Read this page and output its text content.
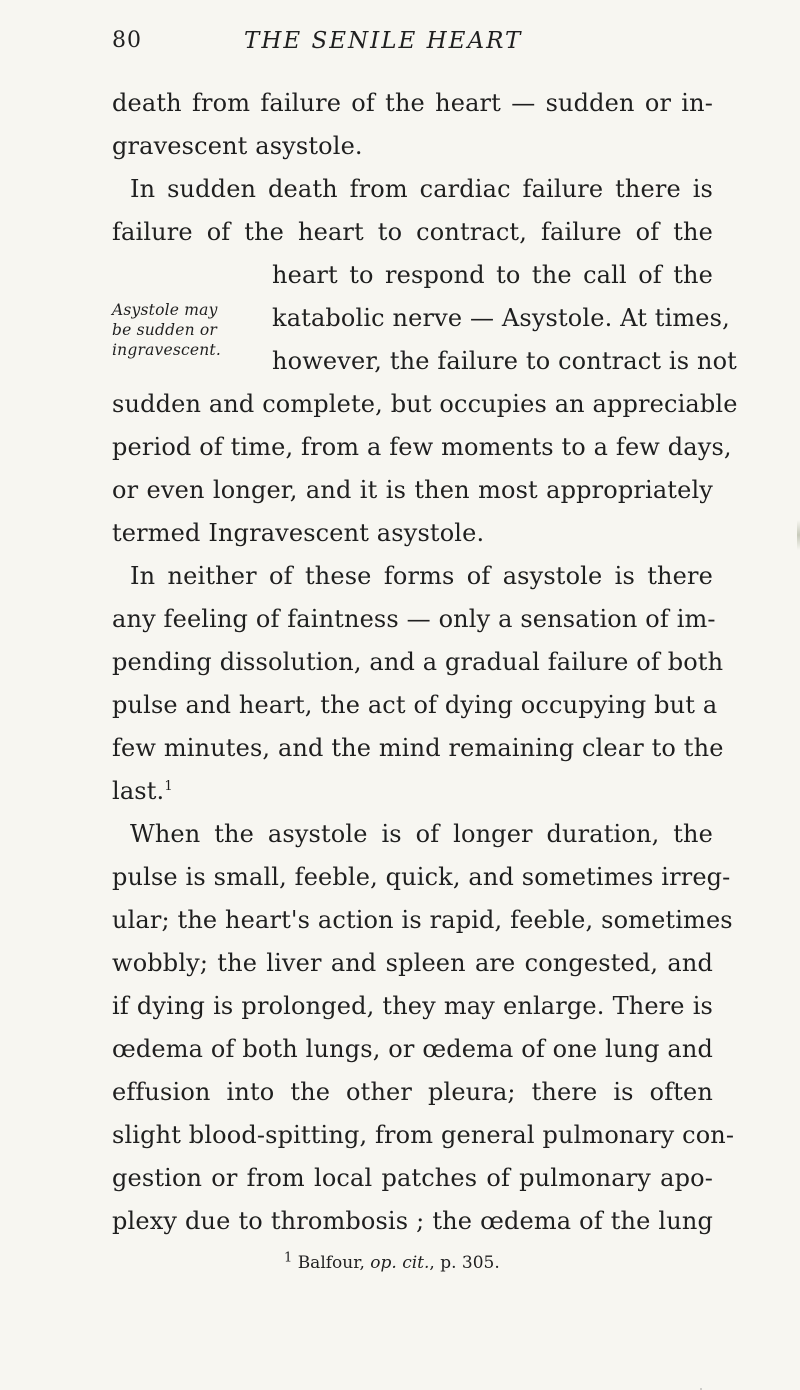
80	THE SENILE HEART
Asystole may
be sudden or
ingravescent.
death from failure of the heart — sudden or in-
gravescent asystole.
In sudden death from cardiac failure there is
failure of the heart to contract, failure of the
heart to respond to the call of the
katabolic nerve — Asystole. At times,
however, the failure to contract is not
sudden and complete, but occupies an appreciable
period of time, from a few moments to a few days,
or even longer, and it is then most appropriately
termed Ingravescent asystole.
In neither of these forms of asystole is there
any feeling of faintness — only a sensation of im-
pending dissolution, and a gradual failure of both
pulse and heart, the act of dying occupying but a
few minutes, and the mind remaining clear to the
last.$^1$
When the asystole is of longer duration, the
pulse is small, feeble, quick, and sometimes irreg-
ular; the heart's action is rapid, feeble, sometimes
wobbly; the liver and spleen are congested, and
if dying is prolonged, they may enlarge. There is
œdema of both lungs, or œdema of one lung and
effusion into the other pleura; there is often
slight blood-spitting, from general pulmonary con-
gestion or from local patches of pulmonary apo-
plexy due to thrombosis ; the œdema of the lung
$^1$ Balfour, op. cit., p. 305.
